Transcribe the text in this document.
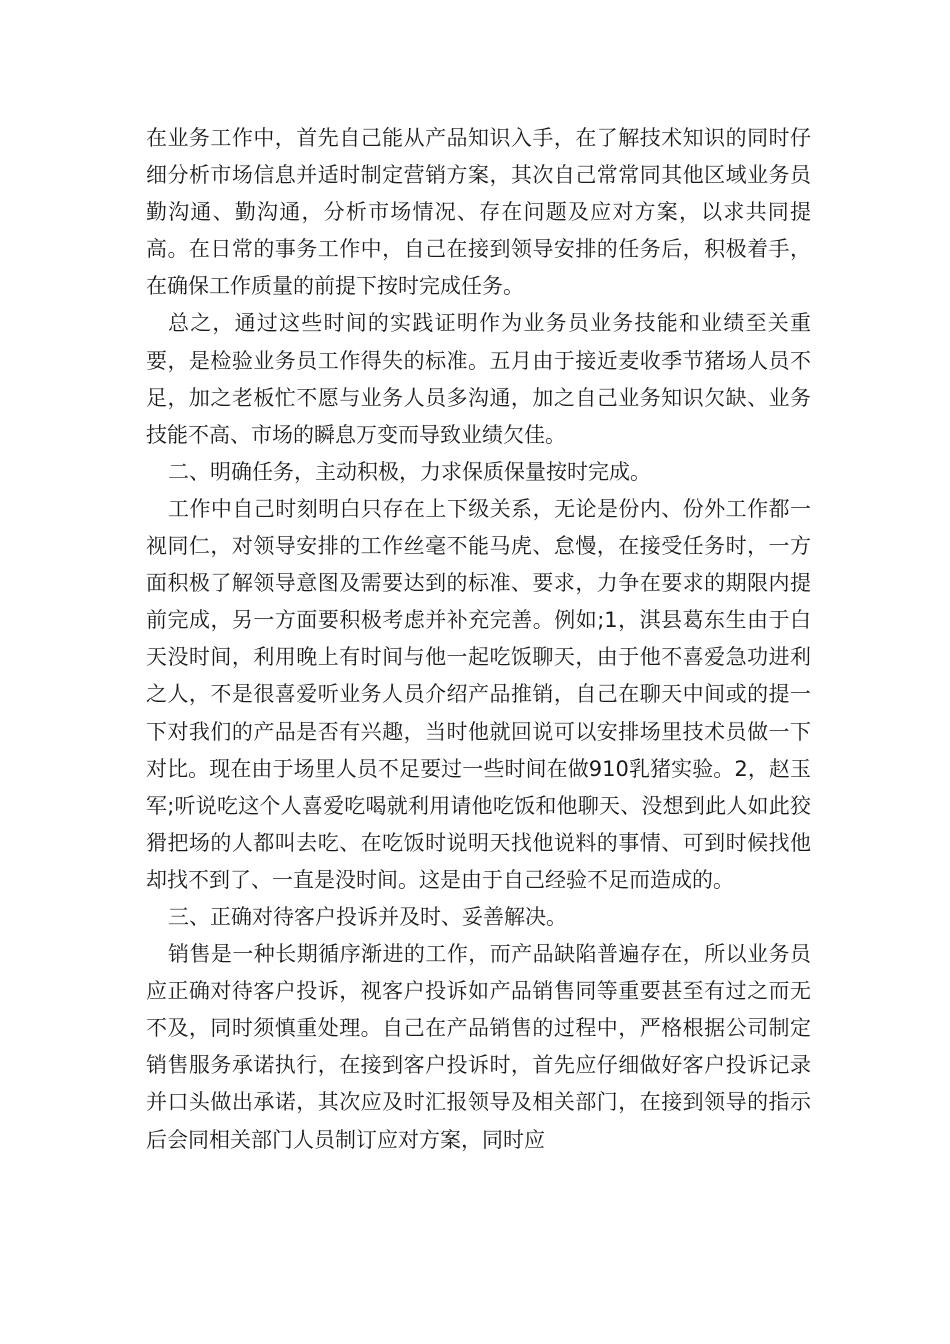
在业务工作中，首先自己能从产品知识入手，在了解技术知识的同时仔细分析市场信息并适时制定营销方案，其次自己常常同其他区域业务员勤沟通、勤沟通，分析市场情况、存在问题及应对方案，以求共同提高。在日常的事务工作中，自己在接到领导安排的任务后，积极着手，在确保工作质量的前提下按时完成任务。

总之，通过这些时间的实践证明作为业务员业务技能和业绩至关重要，是检验业务员工作得失的标准。五月由于接近麦收季节猪场人员不足，加之老板忙不愿与业务人员多沟通，加之自己业务知识欠缺、业务技能不高、市场的瞬息万变而导致业绩欠佳。

二、明确任务，主动积极，力求保质保量按时完成。

工作中自己时刻明白只存在上下级关系，无论是份内、份外工作都一视同仁，对领导安排的工作丝毫不能马虎、怠慢，在接受任务时，一方面积极了解领导意图及需要达到的标准、要求，力争在要求的期限内提前完成，另一方面要积极考虑并补充完善。例如;1，淇县葛东生由于白天没时间，利用晚上有时间与他一起吃饭聊天，由于他不喜爱急功进利之人，不是很喜爱听业务人员介绍产品推销，自己在聊天中间或的提一下对我们的产品是否有兴趣，当时他就回说可以安排场里技术员做一下对比。现在由于场里人员不足要过一些时间在做910乳猪实验。2，赵玉军;听说吃这个人喜爱吃喝就利用请他吃饭和他聊天、没想到此人如此狡猾把场的人都叫去吃、在吃饭时说明天找他说料的事情、可到时候找他却找不到了、一直是没时间。这是由于自己经验不足而造成的。

三、正确对待客户投诉并及时、妥善解决。

销售是一种长期循序渐进的工作，而产品缺陷普遍存在，所以业务员应正确对待客户投诉，视客户投诉如产品销售同等重要甚至有过之而无不及，同时须慎重处理。自己在产品销售的过程中，严格根据公司制定销售服务承诺执行，在接到客户投诉时，首先应仔细做好客户投诉记录并口头做出承诺，其次应及时汇报领导及相关部门，在接到领导的指示后会同相关部门人员制订应对方案，同时应
